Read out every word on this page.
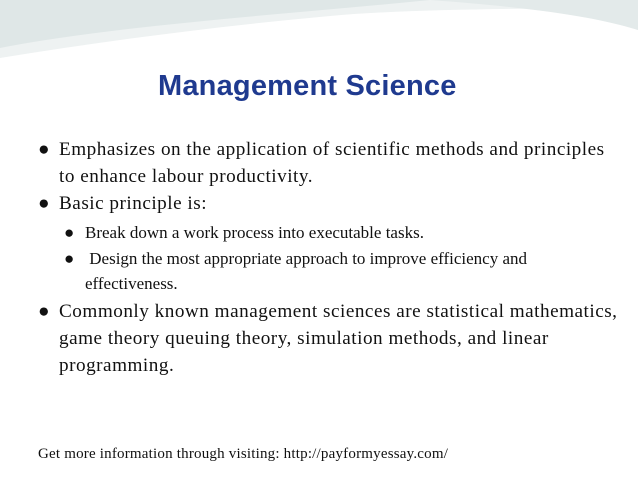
Management Science
● Emphasizes on the application of scientific methods and principles to enhance labour productivity.
● Basic principle is:
● Break down a work process into executable tasks.
● Design the most appropriate approach to improve efficiency and effectiveness.
● Commonly known management sciences are statistical mathematics, game theory queuing theory, simulation methods, and linear programming.
Get more information through visiting: http://payformyessay.com/
